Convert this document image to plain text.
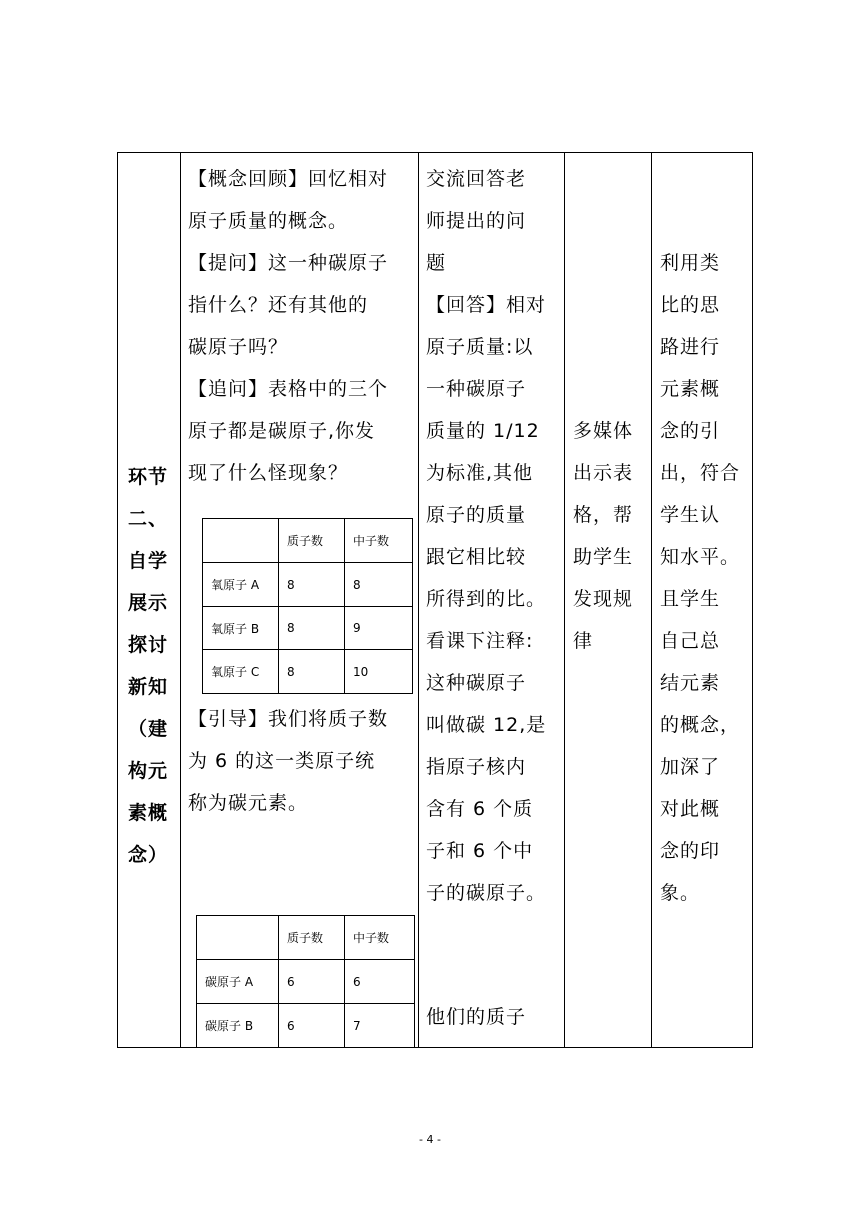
环节
二、
自学
展示
探讨
新知
（建
构元
素概
念）
【概念回顾】回忆相对
原子质量的概念。
【提问】这一种碳原子
指什么？还有其他的
碳原子吗？
【追问】表格中的三个
原子都是碳原子,你发
现了什么怪现象？
	质子数	中子数
氧原子 A	8	8
氧原子 B	8	9
氧原子 C	8	10
【引导】我们将质子数
为 6 的这一类原子统
称为碳元素。
	质子数	中子数
碳原子 A	6	6
碳原子 B	6	7
交流回答老
师提出的问
题
【回答】相对
原子质量:以
一种碳原子
质量的 1/12
为标准,其他
原子的质量
跟它相比较
所得到的比。
看课下注释:
这种碳原子
叫做碳 12,是
指原子核内
含有 6 个质
子和 6 个中
子的碳原子。
他们的质子
多媒体
出示表
格，帮
助学生
发现规
律
利用类
比的思
路进行
元素概
念的引
出，符合
学生认
知水平。
且学生
自己总
结元素
的概念，
加深了
对此概
念的印
象。
- 4 -
